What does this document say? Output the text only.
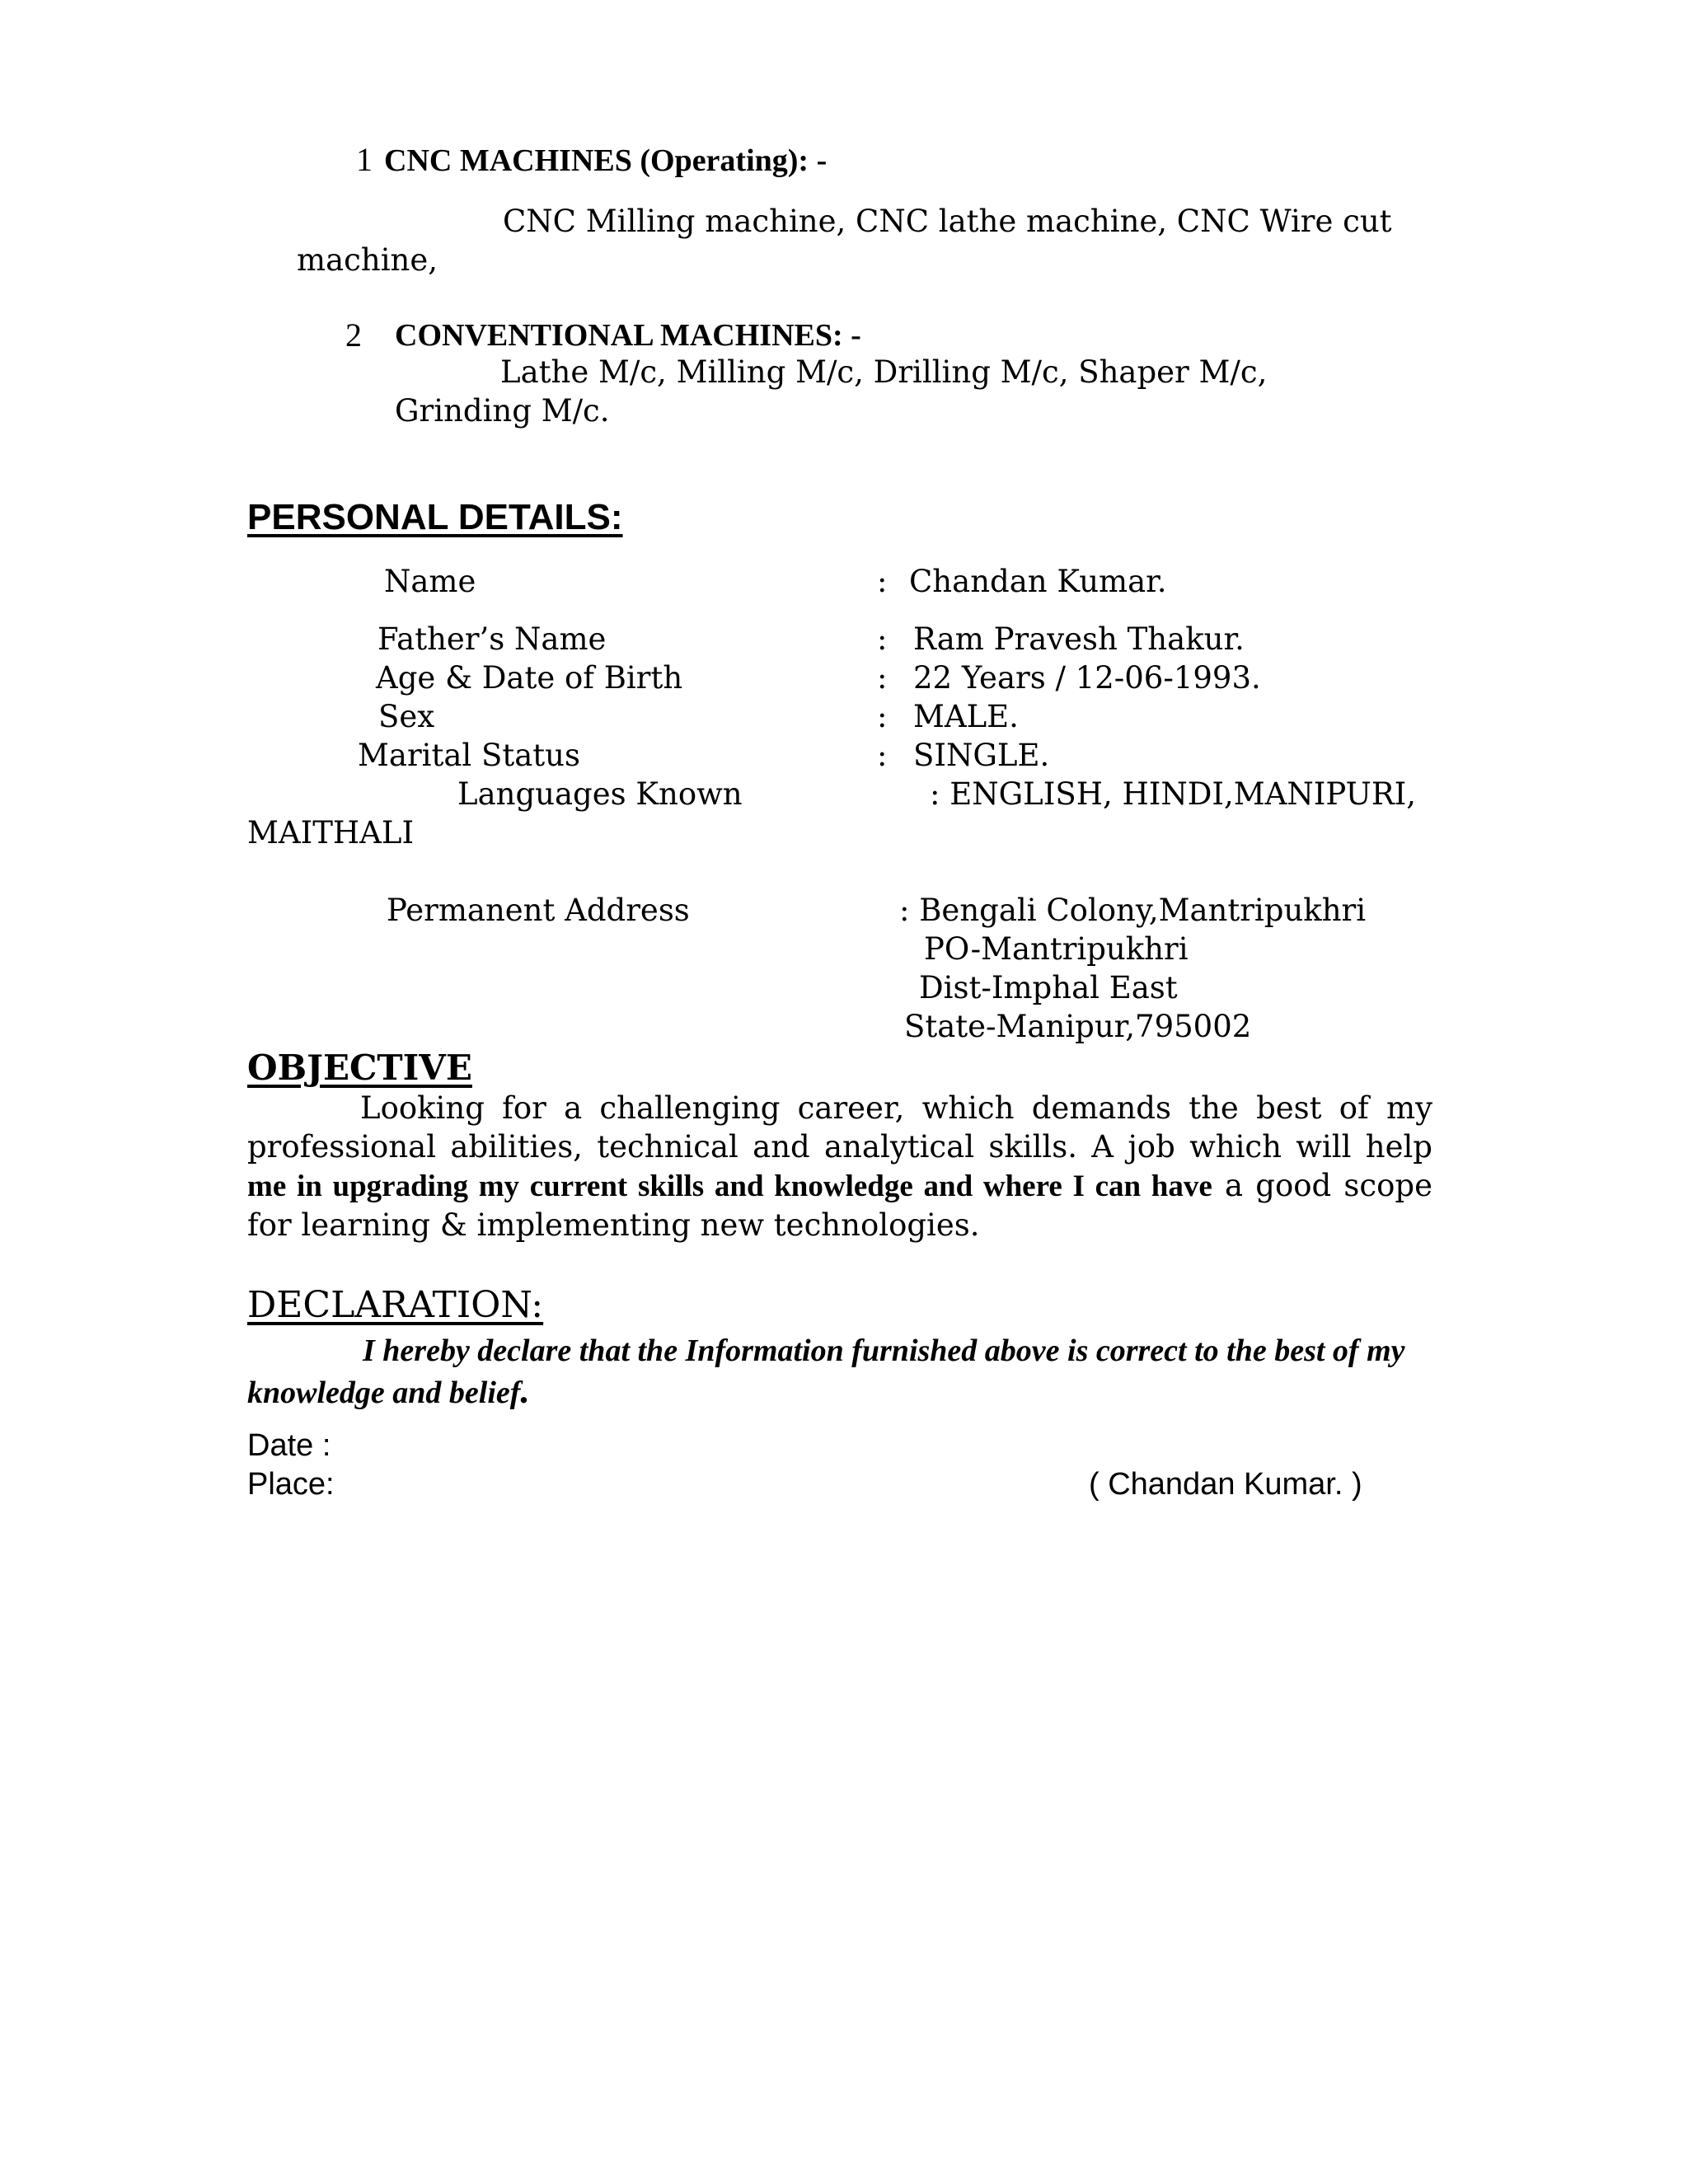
1 CNC MACHINES (Operating): -
CNC Milling machine, CNC lathe machine, CNC Wire cut
machine,
2 CONVENTIONAL MACHINES: -
Lathe M/c, Milling M/c, Drilling M/c, Shaper M/c,
Grinding M/c.
PERSONAL DETAILS:
Name	: Chandan Kumar.
Father’s Name	: Ram Pravesh Thakur.
Age & Date of Birth	: 22 Years / 12-06-1993.
Sex	: MALE.
Marital Status	: SINGLE.
Languages Known	: ENGLISH, HINDI,MANIPURI,
MAITHALI
Permanent Address	: Bengali Colony,Mantripukhri
PO-Mantripukhri
Dist-Imphal East
State-Manipur,795002
OBJECTIVE

Looking for a challenging career, which demands the best of my professional abilities, technical and analytical skills. A job which will help me in upgrading my current skills and knowledge and where I can have a good scope for learning & implementing new technologies.

DECLARATION:

I hereby declare that the Information furnished above is correct to the best of my knowledge and belief.

Date :
Place:	( Chandan Kumar. )
